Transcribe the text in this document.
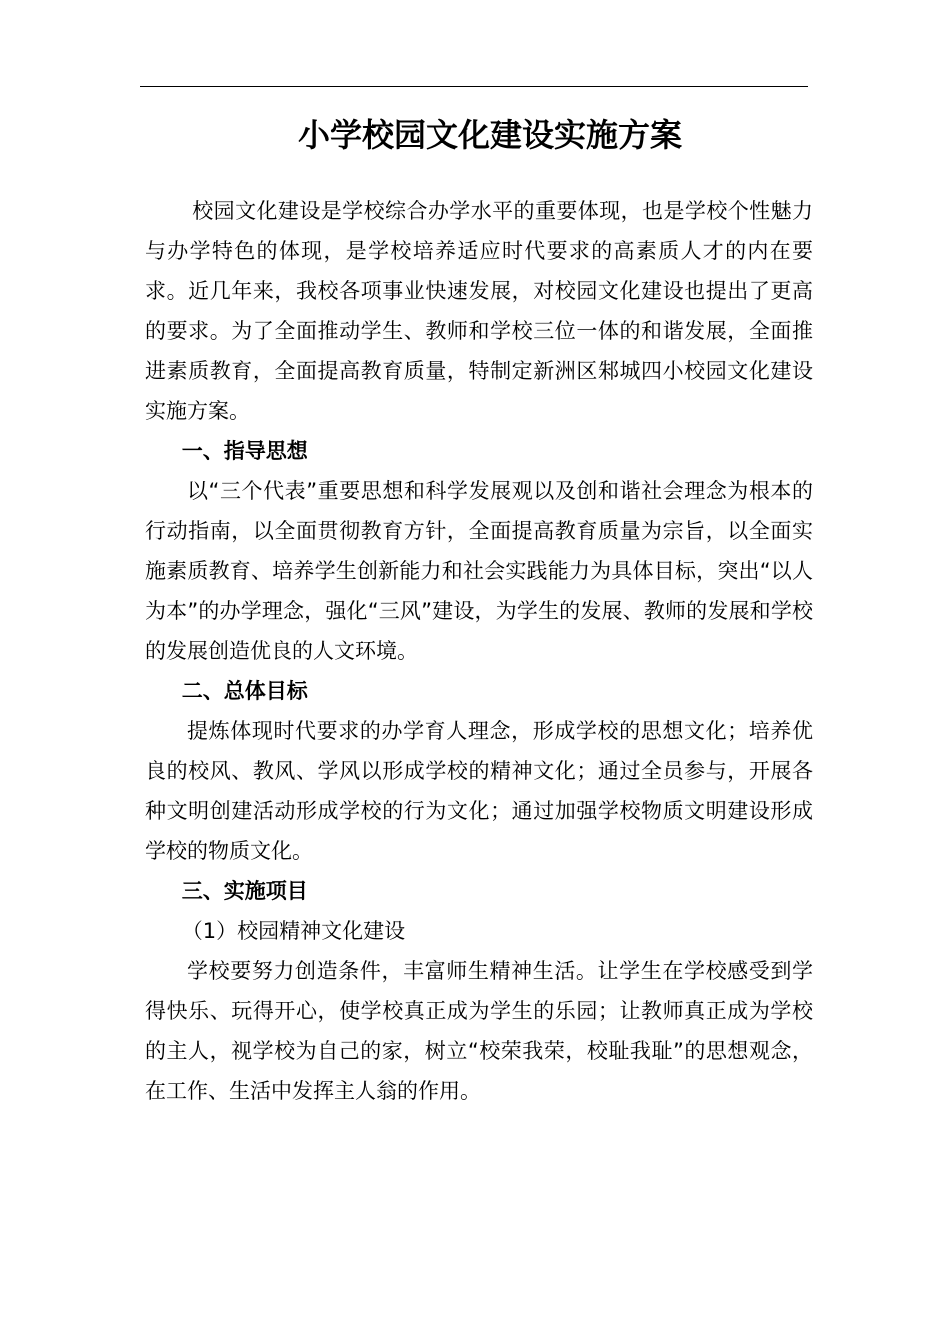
小学校园文化建设实施方案

校园文化建设是学校综合办学水平的重要体现，也是学校个性魅力与办学特色的体现，是学校培养适应时代要求的高素质人才的内在要求。近几年来，我校各项事业快速发展，对校园文化建设也提出了更高的要求。为了全面推动学生、教师和学校三位一体的和谐发展，全面推进素质教育，全面提高教育质量，特制定新洲区邾城四小校园文化建设实施方案。

一、指导思想

以“三个代表”重要思想和科学发展观以及创和谐社会理念为根本的行动指南，以全面贯彻教育方针，全面提高教育质量为宗旨，以全面实施素质教育、培养学生创新能力和社会实践能力为具体目标，突出“以人为本”的办学理念，强化“三风”建设，为学生的发展、教师的发展和学校的发展创造优良的人文环境。

二、总体目标

提炼体现时代要求的办学育人理念，形成学校的思想文化；培养优良的校风、教风、学风以形成学校的精神文化；通过全员参与，开展各种文明创建活动形成学校的行为文化；通过加强学校物质文明建设形成学校的物质文化。

三、实施项目

（1）校园精神文化建设

学校要努力创造条件，丰富师生精神生活。让学生在学校感受到学得快乐、玩得开心，使学校真正成为学生的乐园；让教师真正成为学校的主人，视学校为自己的家，树立“校荣我荣，校耻我耻”的思想观念，在工作、生活中发挥主人翁的作用。
